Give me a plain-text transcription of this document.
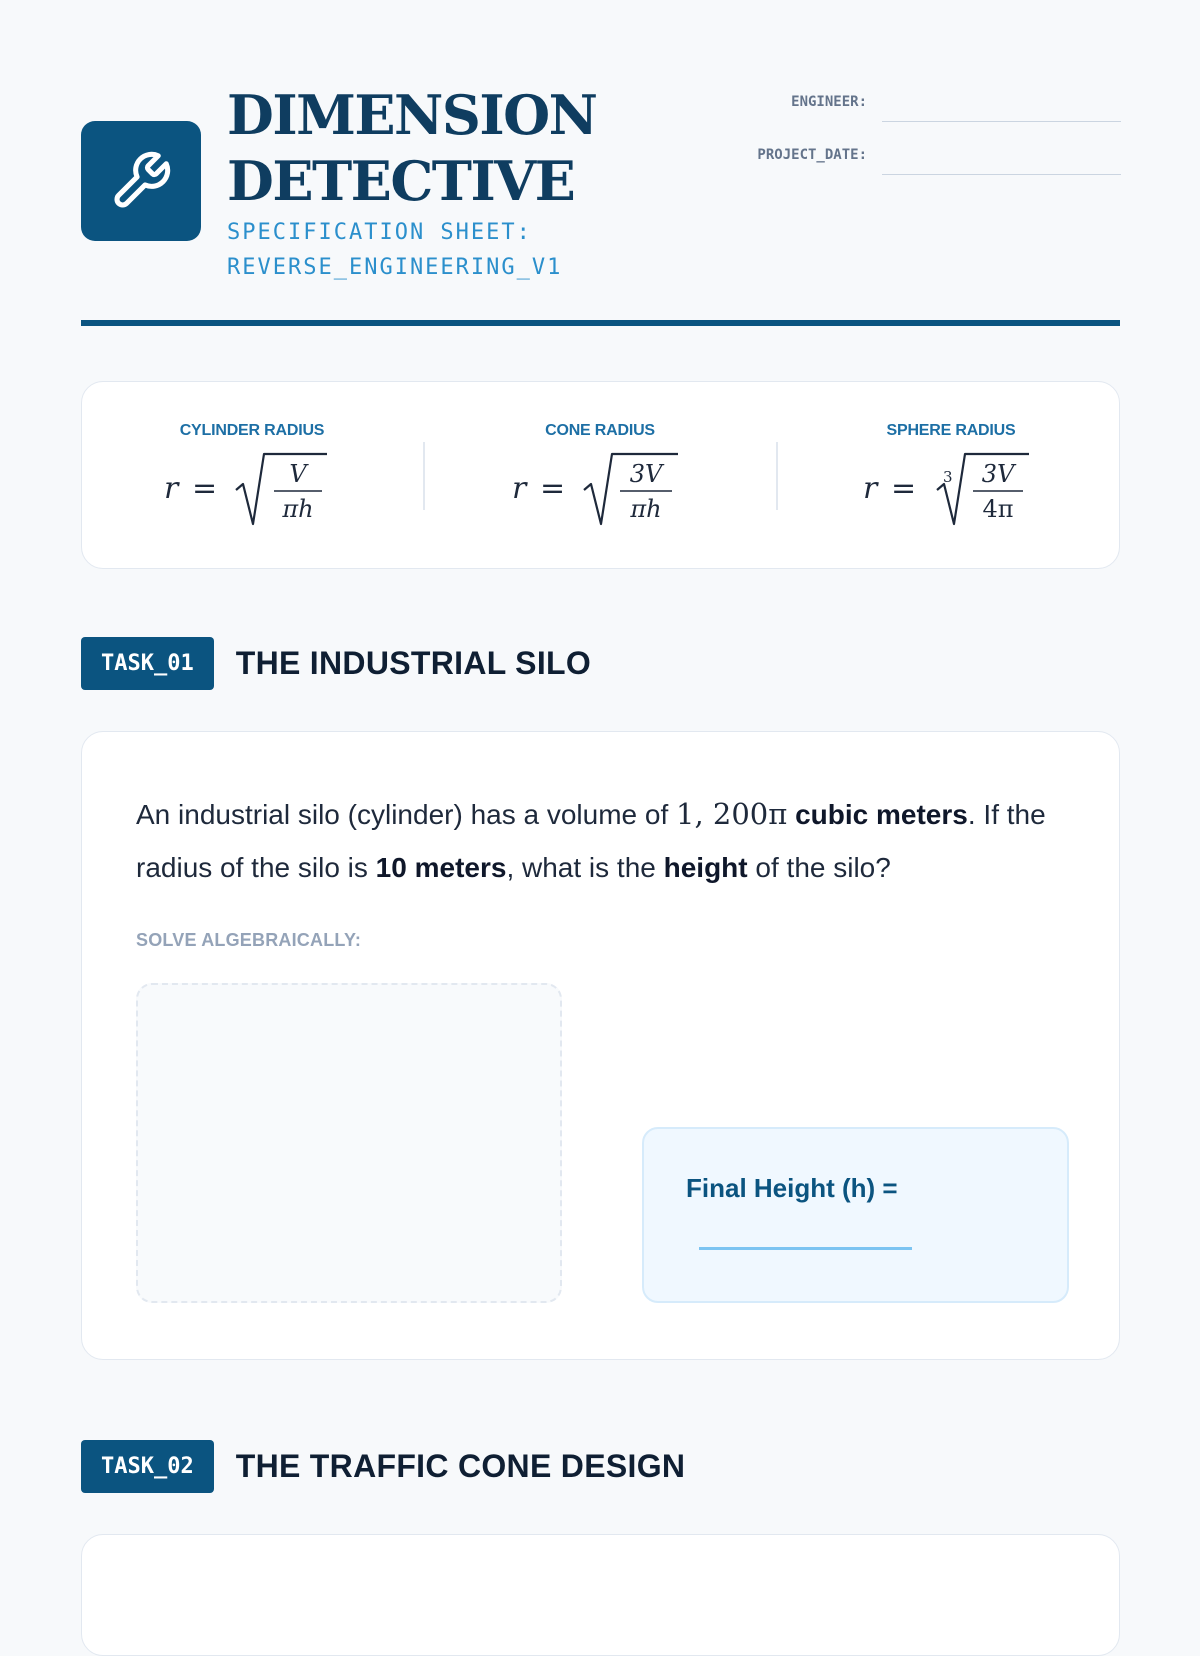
DIMENSION
DETECTIVE
SPECIFICATION SHEET:
REVERSE_ENGINEERING_V1
ENGINEER:
PROJECT_DATE:
CYLINDER RADIUS
r =	V
πh
CONE RADIUS
r =	3V
πh
SPHERE RADIUS
r = 3 3V
4π
TASK_01	THE INDUSTRIAL SILO
An industrial silo (cylinder) has a volume of 1, 200π cubic meters. If the radius of the silo is 10 meters, what is the height of the silo?
SOLVE ALGEBRAICALLY:
Final Height (h) =
TASK_02	THE TRAFFIC CONE DESIGN
